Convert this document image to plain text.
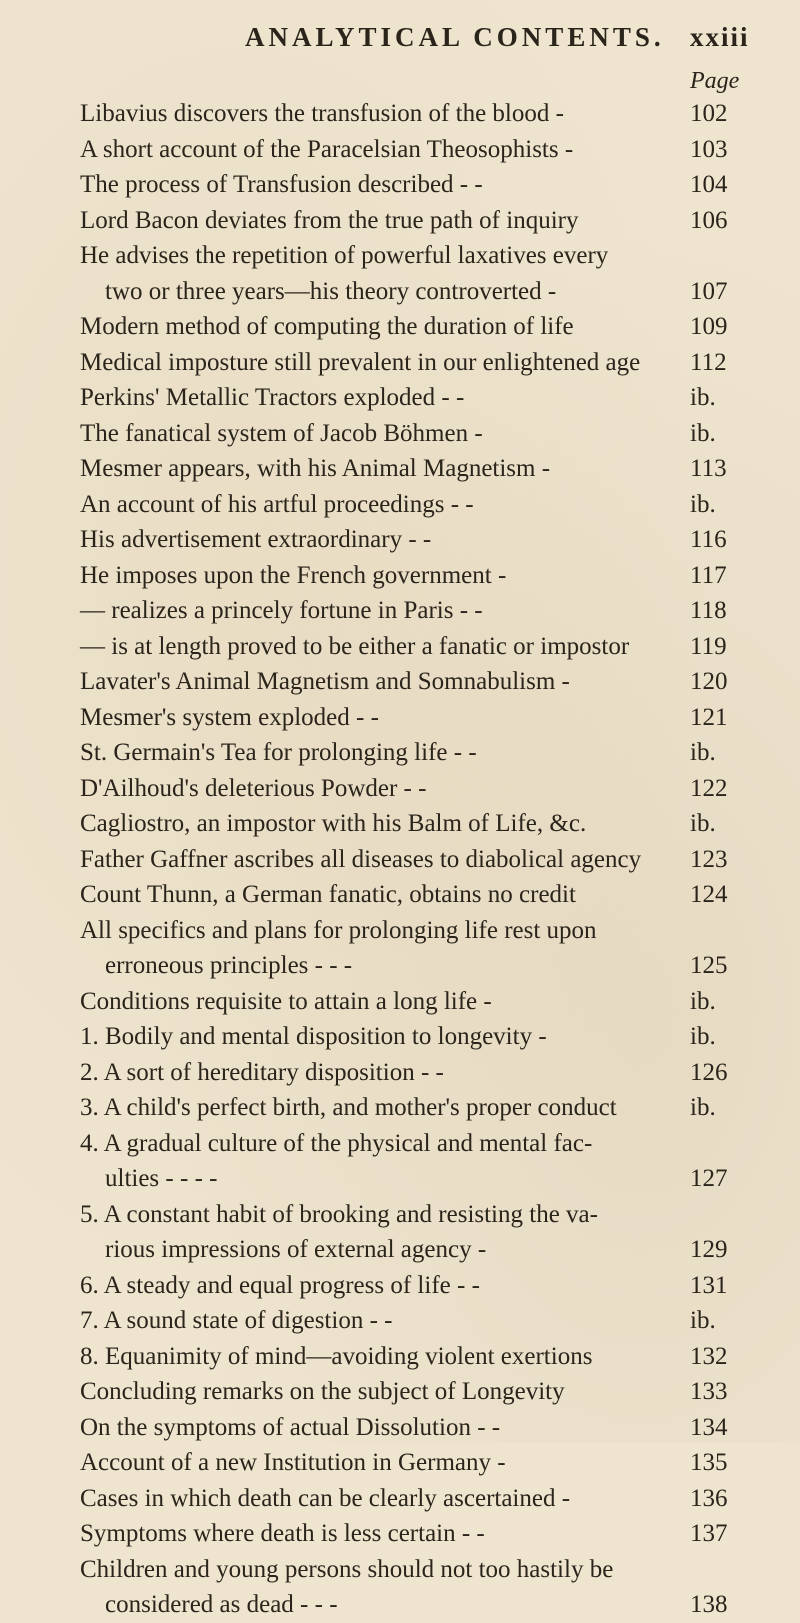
ANALYTICAL CONTENTS. xxiii
Page
Libavius discovers the transfusion of the blood -	102
A short account of the Paracelsian Theosophists -	103
The process of Transfusion described - -	104
Lord Bacon deviates from the true path of inquiry	106
He advises the repetition of powerful laxatives every
two or three years—his theory controverted -	107
Modern method of computing the duration of life	109
Medical imposture still prevalent in our enlightened age 112
Perkins' Metallic Tractors exploded - -	ib.
The fanatical system of Jacob Böhmen -	ib.
Mesmer appears, with his Animal Magnetism -	113
An account of his artful proceedings - -	ib.
His advertisement extraordinary - -	116
He imposes upon the French government -	117
— realizes a princely fortune in Paris - -	118
— is at length proved to be either a fanatic or impostor 119
Lavater's Animal Magnetism and Somnabulism -	120
Mesmer's system exploded - -	121
St. Germain's Tea for prolonging life - -	ib.
D'Ailhoud's deleterious Powder - -	122
Cagliostro, an impostor with his Balm of Life, &c.	ib.
Father Gaffner ascribes all diseases to diabolical agency 123
Count Thunn, a German fanatic, obtains no credit	124
All specifics and plans for prolonging life rest upon
erroneous principles - - -	125
Conditions requisite to attain a long life -	ib.
1. Bodily and mental disposition to longevity -	ib.
2. A sort of hereditary disposition - -	126
3. A child's perfect birth, and mother's proper conduct	ib.
4. A gradual culture of the physical and mental fac-
ulties - - - -	127
5. A constant habit of brooking and resisting the va-
rious impressions of external agency -	129
6. A steady and equal progress of life - -	131
7. A sound state of digestion - -	ib.
8. Equanimity of mind—avoiding violent exertions	132
Concluding remarks on the subject of Longevity	133
On the symptoms of actual Dissolution - -	134
Account of a new Institution in Germany -	135
Cases in which death can be clearly ascertained -	136
Symptoms where death is less certain - -	137
Children and young persons should not too hastily be
considered as dead - - -	138
